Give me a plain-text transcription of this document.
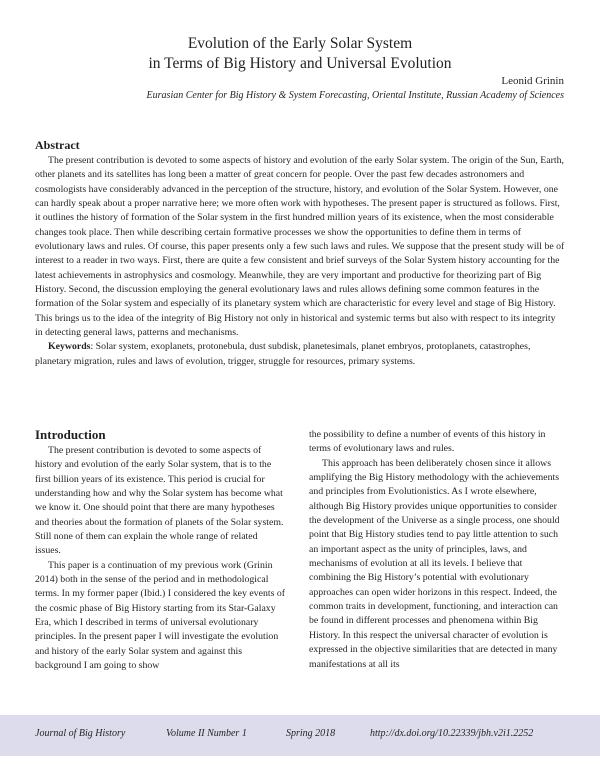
Evolution of the Early Solar System
in Terms of Big History and Universal Evolution

Leonid Grinin

Eurasian Center for Big History & System Forecasting, Oriental Institute, Russian Academy of Sciences

Abstract

The present contribution is devoted to some aspects of history and evolution of the early Solar system. The origin of the Sun, Earth, other planets and its satellites has long been a matter of great concern for people. Over the past few decades astronomers and cosmologists have considerably advanced in the perception of the structure, history, and evolution of the Solar System. However, one can hardly speak about a proper narrative here; we more often work with hypotheses. The present paper is structured as follows. First, it outlines the history of formation of the Solar system in the first hundred million years of its existence, when the most considerable changes took place. Then while describing certain formative processes we show the opportunities to define them in terms of evolutionary laws and rules. Of course, this paper presents only a few such laws and rules. We suppose that the present study will be of interest to a reader in two ways. First, there are quite a few consistent and brief surveys of the Solar System history accounting for the latest achievements in astrophysics and cosmology. Meanwhile, they are very important and productive for theorizing part of Big History. Second, the discussion employing the general evolutionary laws and rules allows defining some common features in the formation of the Solar system and especially of its planetary system which are characteristic for every level and stage of Big History. This brings us to the idea of the integrity of Big History not only in historical and systemic terms but also with respect to its integrity in detecting general laws, patterns and mechanisms.

Keywords: Solar system, exoplanets, protonebula, dust subdisk, planetesimals, planet embryos, protoplanets, catastrophes, planetary migration, rules and laws of evolution, trigger, struggle for resources, primary systems.

Introduction

The present contribution is devoted to some aspects of history and evolution of the early Solar system, that is to the first billion years of its existence. This period is crucial for understanding how and why the Solar system has become what we know it. One should point that there are many hypotheses and theories about the formation of planets of the Solar system. Still none of them can explain the whole range of related issues.

This paper is a continuation of my previous work (Grinin 2014) both in the sense of the period and in methodological terms. In my former paper (Ibid.) I considered the key events of the cosmic phase of Big History starting from its Star-Galaxy Era, which I described in terms of universal evolutionary principles. In the present paper I will investigate the evolution and history of the early Solar system and against this background I am going to show

the possibility to define a number of events of this history in terms of evolutionary laws and rules.

This approach has been deliberately chosen since it allows amplifying the Big History methodology with the achievements and principles from Evolutionistics. As I wrote elsewhere, although Big History provides unique opportunities to consider the development of the Universe as a single process, one should point that Big History studies tend to pay little attention to such an important aspect as the unity of principles, laws, and mechanisms of evolution at all its levels. I believe that combining the Big History’s potential with evolutionary approaches can open wider horizons in this respect. Indeed, the common traits in development, functioning, and interaction can be found in different processes and phenomena within Big History. In this respect the universal character of evolution is expressed in the objective similarities that are detected in many manifestations at all its

Journal of Big History	Volume II Number 1	Spring 2018	http://dx.doi.org/10.22339/jbh.v2i1.2252
